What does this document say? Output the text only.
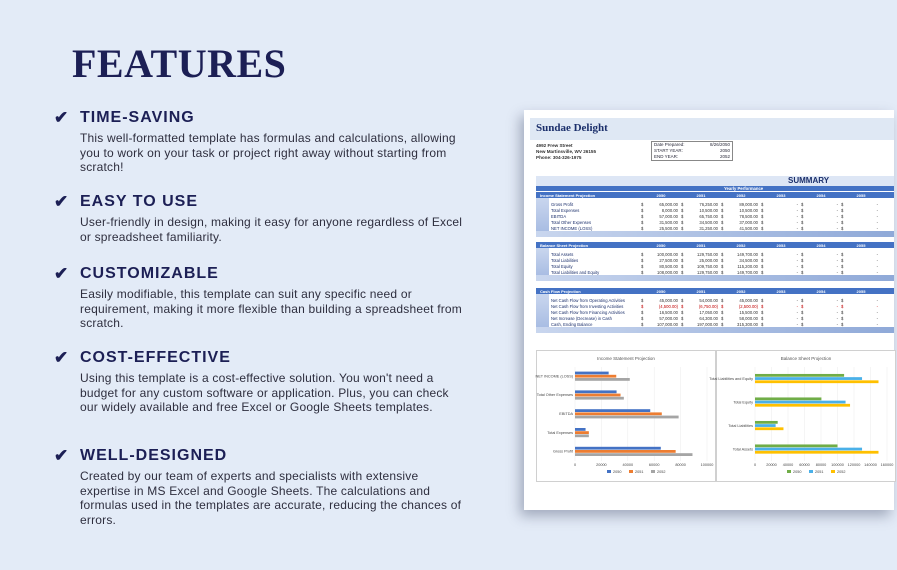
FEATURES
✔ TIME-SAVING
This well-formatted template has formulas and calculations, allowing you to work on your task or project right away without starting from scratch!
✔ EASY TO USE
User-friendly in design, making it easy for anyone regardless of Excel or spreadsheet familiarity.
✔ CUSTOMIZABLE
Easily modifiable, this template can suit any specific need or requirement, making it more flexible than building a spreadsheet from scratch.
✔ COST-EFFECTIVE
Using this template is a cost-effective solution. You won't need a budget for any custom software or application. Plus, you can check our widely available and free Excel or Google Sheets templates.
✔ WELL-DESIGNED
Created by our team of experts and specialists with extensive expertise in MS Excel and Google Sheets. The calculations and formulas used in the templates are accurate, reducing the chances of errors.
Sundae Delight
4992 Frew Street
New Martinsville, WV 26155
Phone: 304-326-1975
Date Prepared:	8/26/2050
START YEAR:	2050
END YEAR:	2052
SUMMARY
Yearly Performance
Income Statement Projection	2050	2051	2052	2053	2054	2055
Gross Profit	$	65,000.00 $	76,250.00 $	89,000.00 $	- $	- $	-
Total Expenses	$	8,000.00 $	10,500.00 $	10,500.00 $	- $	- $	-
EBITDA	$	57,000.00 $	65,750.00 $	78,500.00 $	- $	- $	-
Total Other Expenses	$	31,500.00 $	34,500.00 $	37,000.00 $	- $	- $	-
NET INCOME (LOSS)	$	25,500.00 $	31,250.00 $	41,500.00 $	- $	- $	-
Balance Sheet Projection	2050	2051	2052	2053	2054	2055
Total Assets	$	100,000.00 $	129,750.00 $	149,700.00 $	- $	- $	-
Total Liabilities	$	27,500.00 $	25,000.00 $	34,500.00 $	- $	- $	-
Total Equity	$	80,500.00 $	109,750.00 $	115,200.00 $	- $	- $	-
Total Liabilities and Equity	$	108,000.00 $	129,750.00 $	149,700.00 $	- $	- $	-
Cash Flow Projection	2050	2051	2052	2053	2054	2055
Net Cash Flow from Operating Activities	$	45,000.00 $	54,000.00 $	45,000.00 $	- $	- $	-
Net Cash Flow from Investing Activities	$	(4,500.00) $	(6,750.00) $	(2,500.00) $	- $	- $	-
Net Cash Flow from Financing Activities	$	16,500.00 $	17,050.00 $	15,500.00 $	- $	- $	-
Net Increase (Decrease) in Cash	$	57,000.00 $	64,300.00 $	58,000.00 $	- $	- $	-
Cash, Ending Balance	$	107,000.00 $	197,000.00 $	315,300.00 $	- $	- $	-
Income Statement Projection
0	20000	40000	60000	80000	100000
NET INCOME (LOSS)
Total Other Expenses
EBITDA
Total Expenses
Gross Profit
2050	2051	2052
Balance Sheet Projection
0	20000 40000 60000 80000 100000 120000 140000 160000
Total Liabilities and Equity
Total Equity
Total Liabilities
Total Assets
2050	2051	2052
